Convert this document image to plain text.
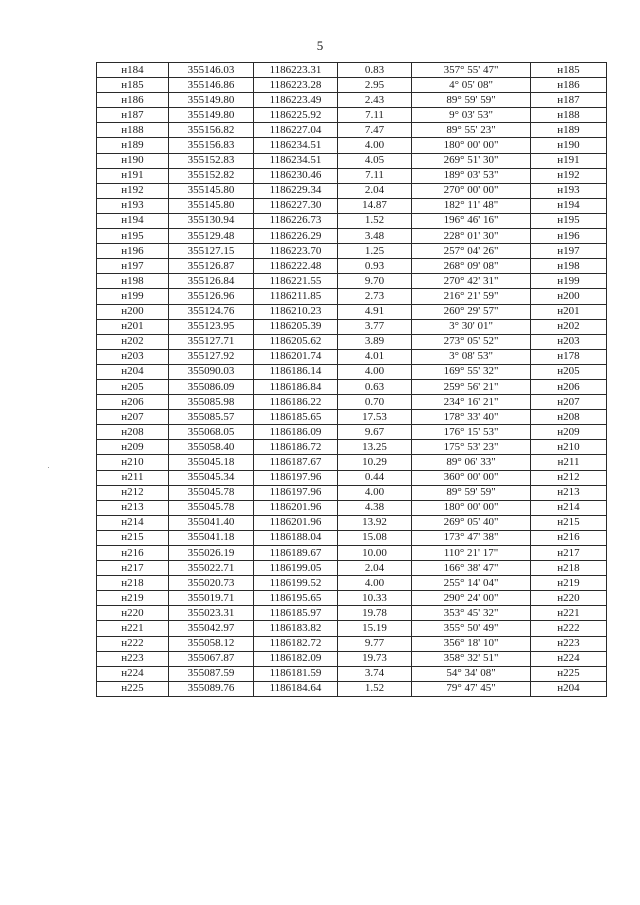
5
н184	355146.03	1186223.31	0.83	357° 55' 47"	н185
н185	355146.86	1186223.28	2.95	4° 05' 08"	н186
н186	355149.80	1186223.49	2.43	89° 59' 59"	н187
н187	355149.80	1186225.92	7.11	9° 03' 53"	н188
н188	355156.82	1186227.04	7.47	89° 55' 23"	н189
н189	355156.83	1186234.51	4.00	180° 00' 00"	н190
н190	355152.83	1186234.51	4.05	269° 51' 30"	н191
н191	355152.82	1186230.46	7.11	189° 03' 53"	н192
н192	355145.80	1186229.34	2.04	270° 00' 00"	н193
н193	355145.80	1186227.30	14.87	182° 11' 48"	н194
н194	355130.94	1186226.73	1.52	196° 46' 16"	н195
н195	355129.48	1186226.29	3.48	228° 01' 30"	н196
н196	355127.15	1186223.70	1.25	257° 04' 26"	н197
н197	355126.87	1186222.48	0.93	268° 09' 08"	н198
н198	355126.84	1186221.55	9.70	270° 42' 31"	н199
н199	355126.96	1186211.85	2.73	216° 21' 59"	н200
н200	355124.76	1186210.23	4.91	260° 29' 57"	н201
н201	355123.95	1186205.39	3.77	3° 30' 01"	н202
н202	355127.71	1186205.62	3.89	273° 05' 52"	н203
н203	355127.92	1186201.74	4.01	3° 08' 53"	н178
н204	355090.03	1186186.14	4.00	169° 55' 32"	н205
н205	355086.09	1186186.84	0.63	259° 56' 21"	н206
н206	355085.98	1186186.22	0.70	234° 16' 21"	н207
н207	355085.57	1186185.65	17.53	178° 33' 40"	н208
н208	355068.05	1186186.09	9.67	176° 15' 53"	н209
н209	355058.40	1186186.72	13.25	175° 53' 23"	н210
н210	355045.18	1186187.67	10.29	89° 06' 33"	н211
н211	355045.34	1186197.96	0.44	360° 00' 00"	н212
н212	355045.78	1186197.96	4.00	89° 59' 59"	н213
н213	355045.78	1186201.96	4.38	180° 00' 00"	н214
н214	355041.40	1186201.96	13.92	269° 05' 40"	н215
н215	355041.18	1186188.04	15.08	173° 47' 38"	н216
н216	355026.19	1186189.67	10.00	110° 21' 17"	н217
н217	355022.71	1186199.05	2.04	166° 38' 47"	н218
н218	355020.73	1186199.52	4.00	255° 14' 04"	н219
н219	355019.71	1186195.65	10.33	290° 24' 00"	н220
н220	355023.31	1186185.97	19.78	353° 45' 32"	н221
н221	355042.97	1186183.82	15.19	355° 50' 49"	н222
н222	355058.12	1186182.72	9.77	356° 18' 10"	н223
н223	355067.87	1186182.09	19.73	358° 32' 51"	н224
н224	355087.59	1186181.59	3.74	54° 34' 08"	н225
н225	355089.76	1186184.64	1.52	79° 47' 45"	н204
